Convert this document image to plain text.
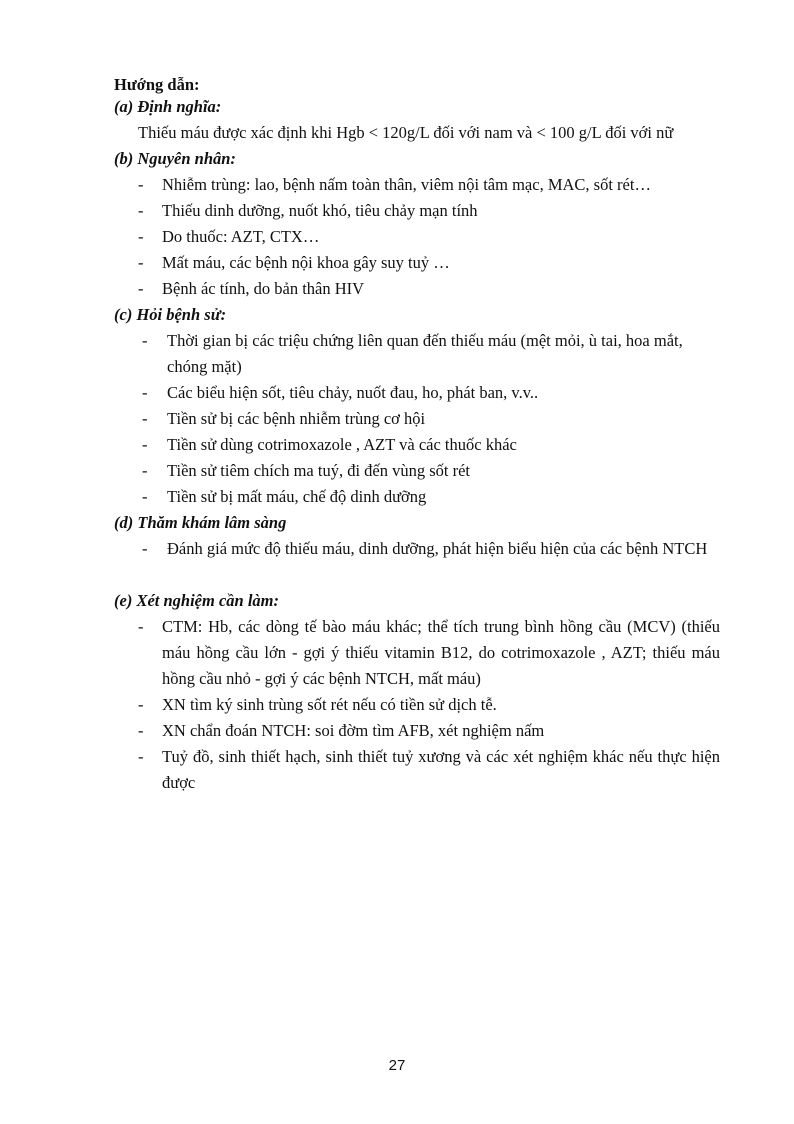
Hướng dẫn:
(a) Định nghĩa:
Thiếu máu được xác định khi Hgb < 120g/L đối với nam và < 100 g/L đối với nữ
(b) Nguyên nhân:
- Nhiễm trùng: lao, bệnh nấm toàn thân, viêm nội tâm mạc, MAC, sốt rét…
- Thiếu dinh dưỡng, nuốt khó, tiêu chảy mạn tính
- Do thuốc: AZT, CTX…
- Mất máu, các bệnh nội khoa gây suy tuỷ …
- Bệnh ác tính, do bản thân HIV
(c) Hỏi bệnh sử:
- Thời gian bị các triệu chứng liên quan đến thiếu máu (mệt mỏi, ù tai, hoa mắt, chóng mặt)
- Các biểu hiện sốt, tiêu chảy, nuốt đau, ho, phát ban, v.v..
- Tiền sử bị các bệnh nhiễm trùng cơ hội
- Tiền sử dùng cotrimoxazole , AZT và các thuốc khác
- Tiền sử tiêm chích ma tuý, đi đến vùng sốt rét
- Tiền sử bị mất máu, chế độ dinh dưỡng
(d) Thăm khám lâm sàng
- Đánh giá mức độ thiếu máu, dinh dưỡng, phát hiện biểu hiện của các bệnh NTCH
(e) Xét nghiệm cần làm:
- CTM: Hb, các dòng tế bào máu khác; thể tích trung bình hồng cầu (MCV) (thiếu máu hồng cầu lớn - gợi ý thiếu vitamin B12, do cotrimoxazole , AZT; thiếu máu hồng cầu nhỏ - gợi ý các bệnh NTCH, mất máu)
- XN tìm ký sinh trùng sốt rét nếu có tiền sử dịch tễ.
- XN chẩn đoán NTCH: soi đờm tìm AFB, xét nghiệm nấm
- Tuỷ đồ, sinh thiết hạch, sinh thiết tuỷ xương và các xét nghiệm khác nếu thực hiện được
27
